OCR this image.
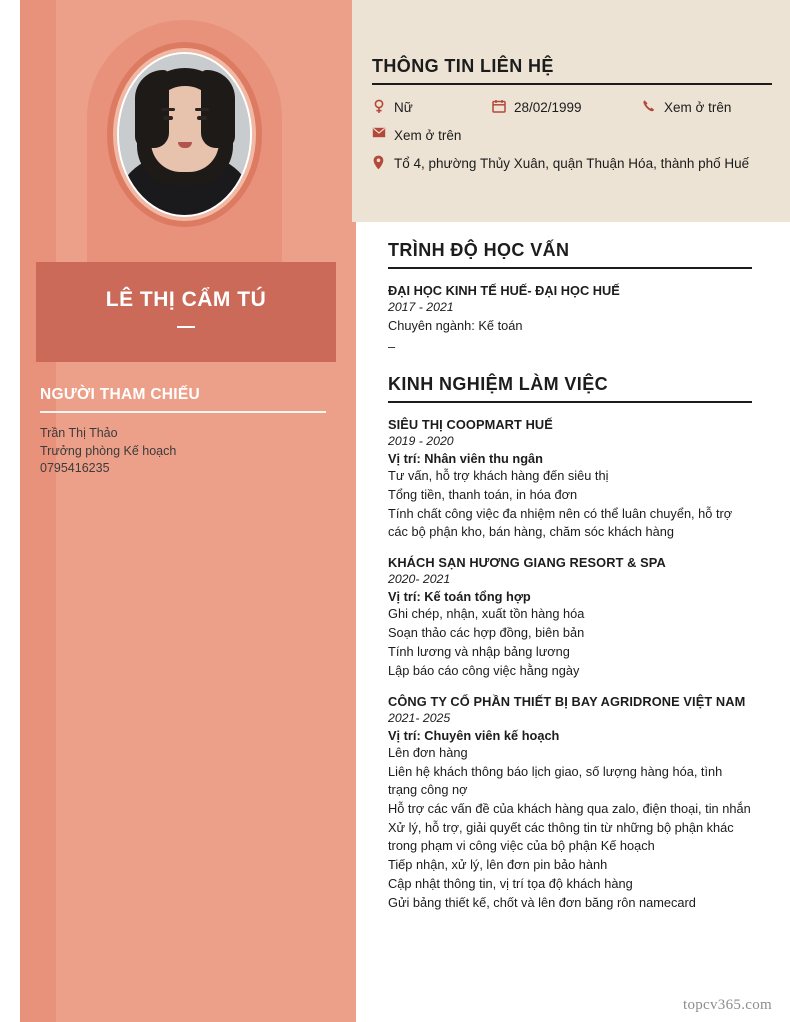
LÊ THỊ CẨM TÚ
NGƯỜI THAM CHIẾU
Trần Thị Thảo
Trưởng phòng Kế hoạch
0795416235
THÔNG TIN LIÊN HỆ
Nữ	28/02/1999	Xem ở trên
Xem ở trên
Tổ 4, phường Thủy Xuân, quận Thuận Hóa, thành phố Huế
TRÌNH ĐỘ HỌC VẤN
ĐẠI HỌC KINH TẾ HUẾ- ĐẠI HỌC HUẾ
2017 - 2021
Chuyên ngành: Kế toán
–
KINH NGHIỆM LÀM VIỆC
SIÊU THỊ COOPMART HUẾ
2019 - 2020
Vị trí: Nhân viên thu ngân
Tư vấn, hỗ trợ khách hàng đến siêu thị
Tổng tiền, thanh toán, in hóa đơn
Tính chất công việc đa nhiệm nên có thể luân chuyển, hỗ trợ các bộ phận kho, bán hàng, chăm sóc khách hàng
KHÁCH SẠN HƯƠNG GIANG RESORT & SPA
2020- 2021
Vị trí: Kế toán tổng hợp
Ghi chép, nhận, xuất tồn hàng hóa
Soạn thảo các hợp đồng, biên bản
Tính lương và nhập bảng lương
Lập báo cáo công việc hằng ngày
CÔNG TY CỔ PHẦN THIẾT BỊ BAY AGRIDRONE VIỆT NAM
2021- 2025
Vị trí: Chuyên viên kế hoạch
Lên đơn hàng
Liên hệ khách thông báo lịch giao, số lượng hàng hóa, tình trạng công nợ
Hỗ trợ các vấn đề của khách hàng qua zalo, điện thoại, tin nhắn
Xử lý, hỗ trợ, giải quyết các thông tin từ những bộ phận khác trong phạm vi công việc của bộ phận Kế hoạch
Tiếp nhận, xử lý, lên đơn pin bảo hành
Cập nhật thông tin, vị trí tọa độ khách hàng
Gửi bảng thiết kế, chốt và lên đơn băng rôn namecard
topcv365.com
